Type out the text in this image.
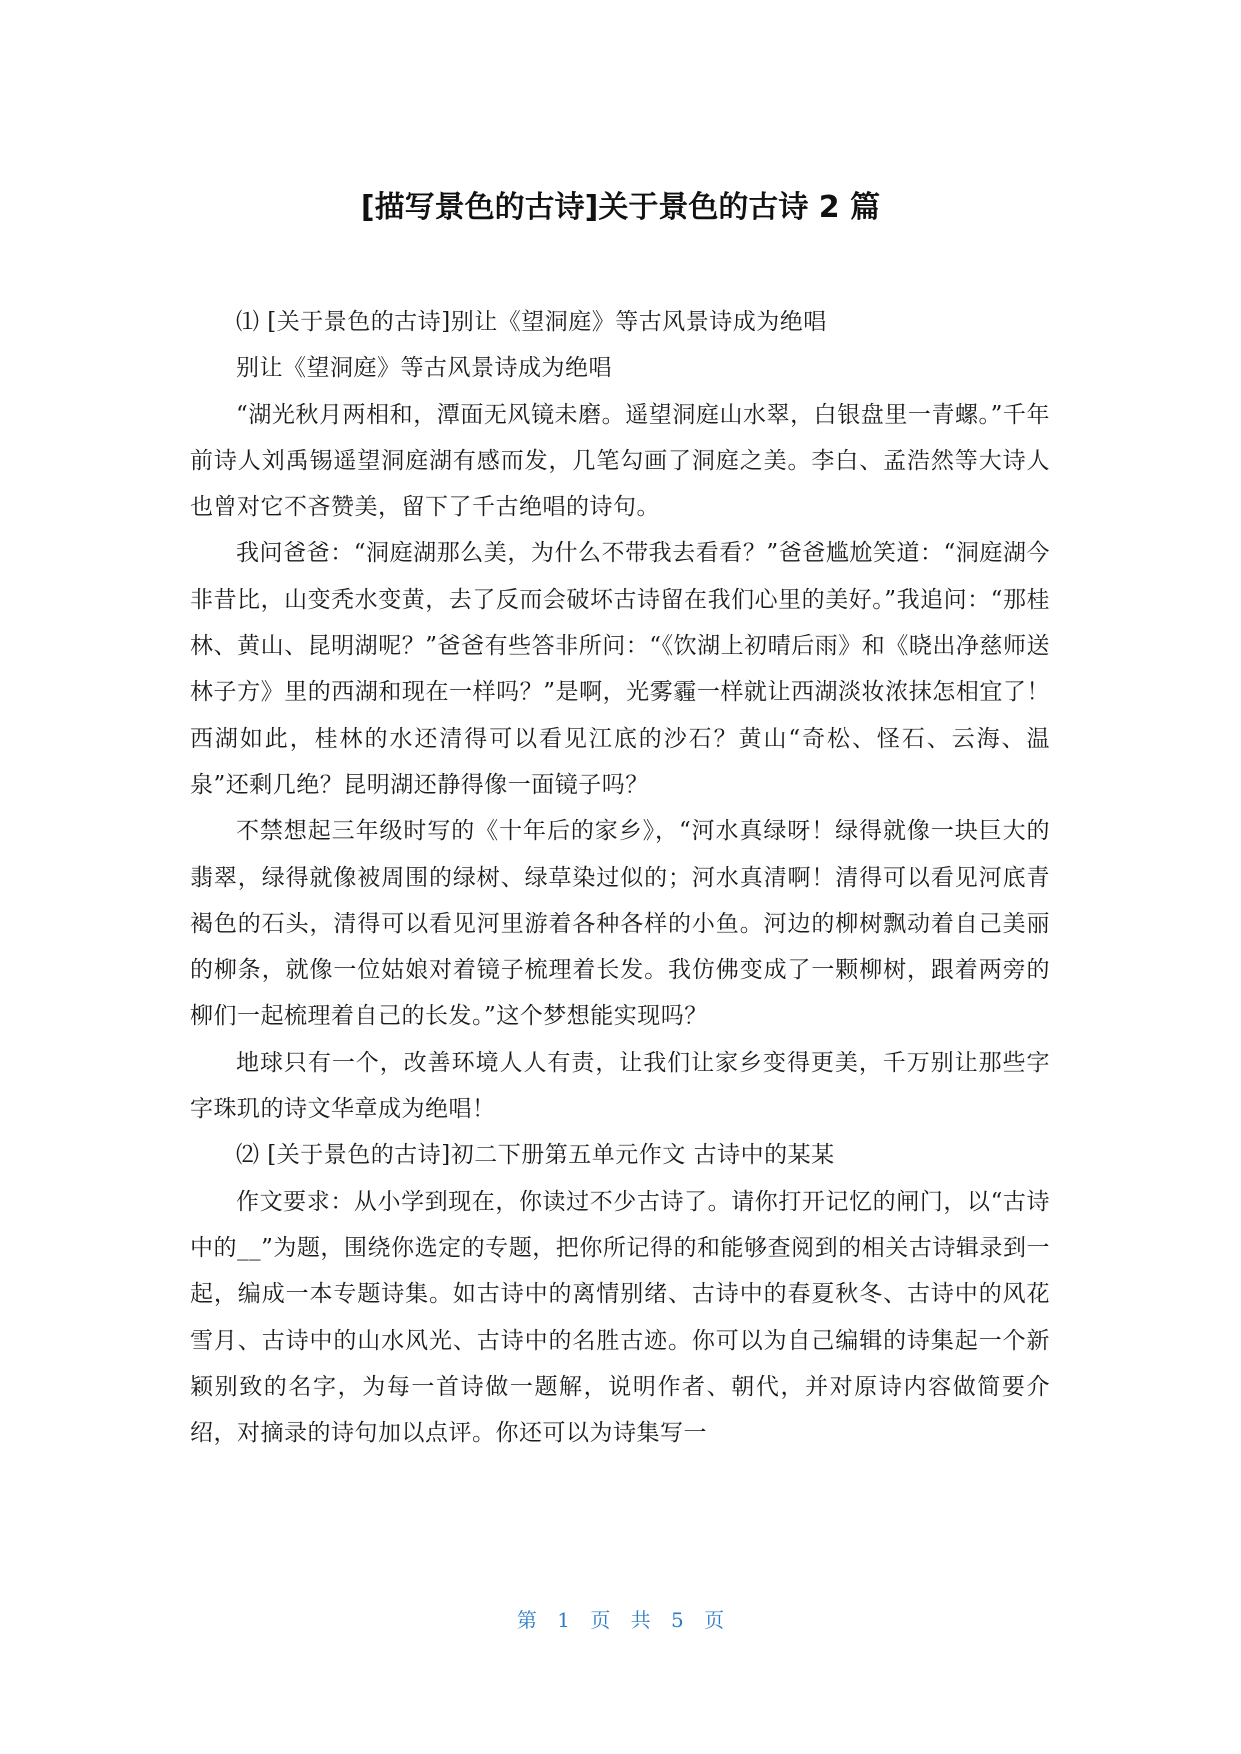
[描写景色的古诗]关于景色的古诗 2 篇

⑴ [关于景色的古诗]别让《望洞庭》等古风景诗成为绝唱

别让《望洞庭》等古风景诗成为绝唱

“湖光秋月两相和，潭面无风镜未磨。遥望洞庭山水翠，白银盘里一青螺。”千年前诗人刘禹锡遥望洞庭湖有感而发，几笔勾画了洞庭之美。李白、孟浩然等大诗人也曾对它不吝赞美，留下了千古绝唱的诗句。

我问爸爸：“洞庭湖那么美，为什么不带我去看看？”爸爸尴尬笑道：“洞庭湖今非昔比，山变秃水变黄，去了反而会破坏古诗留在我们心里的美好。”我追问：“那桂林、黄山、昆明湖呢？”爸爸有些答非所问：“《饮湖上初晴后雨》和《晓出净慈师送林子方》里的西湖和现在一样吗？”是啊，光雾霾一样就让西湖淡妆浓抹怎相宜了！西湖如此，桂林的水还清得可以看见江底的沙石？黄山“奇松、怪石、云海、温泉”还剩几绝？昆明湖还静得像一面镜子吗？

不禁想起三年级时写的《十年后的家乡》，“河水真绿呀！绿得就像一块巨大的翡翠，绿得就像被周围的绿树、绿草染过似的；河水真清啊！清得可以看见河底青褐色的石头，清得可以看见河里游着各种各样的小鱼。河边的柳树飘动着自己美丽的柳条，就像一位姑娘对着镜子梳理着长发。我仿佛变成了一颗柳树，跟着两旁的柳们一起梳理着自己的长发。”这个梦想能实现吗？

地球只有一个，改善环境人人有责，让我们让家乡变得更美，千万别让那些字字珠玑的诗文华章成为绝唱！

⑵ [关于景色的古诗]初二下册第五单元作文 古诗中的某某

作文要求：从小学到现在，你读过不少古诗了。请你打开记忆的闸门，以“古诗中的__”为题，围绕你选定的专题，把你所记得的和能够查阅到的相关古诗辑录到一起，编成一本专题诗集。如古诗中的离情别绪、古诗中的春夏秋冬、古诗中的风花雪月、古诗中的山水风光、古诗中的名胜古迹。你可以为自己编辑的诗集起一个新颖别致的名字，为每一首诗做一题解，说明作者、朝代，并对原诗内容做简要介绍，对摘录的诗句加以点评。你还可以为诗集写一

第 1 页 共 5 页
